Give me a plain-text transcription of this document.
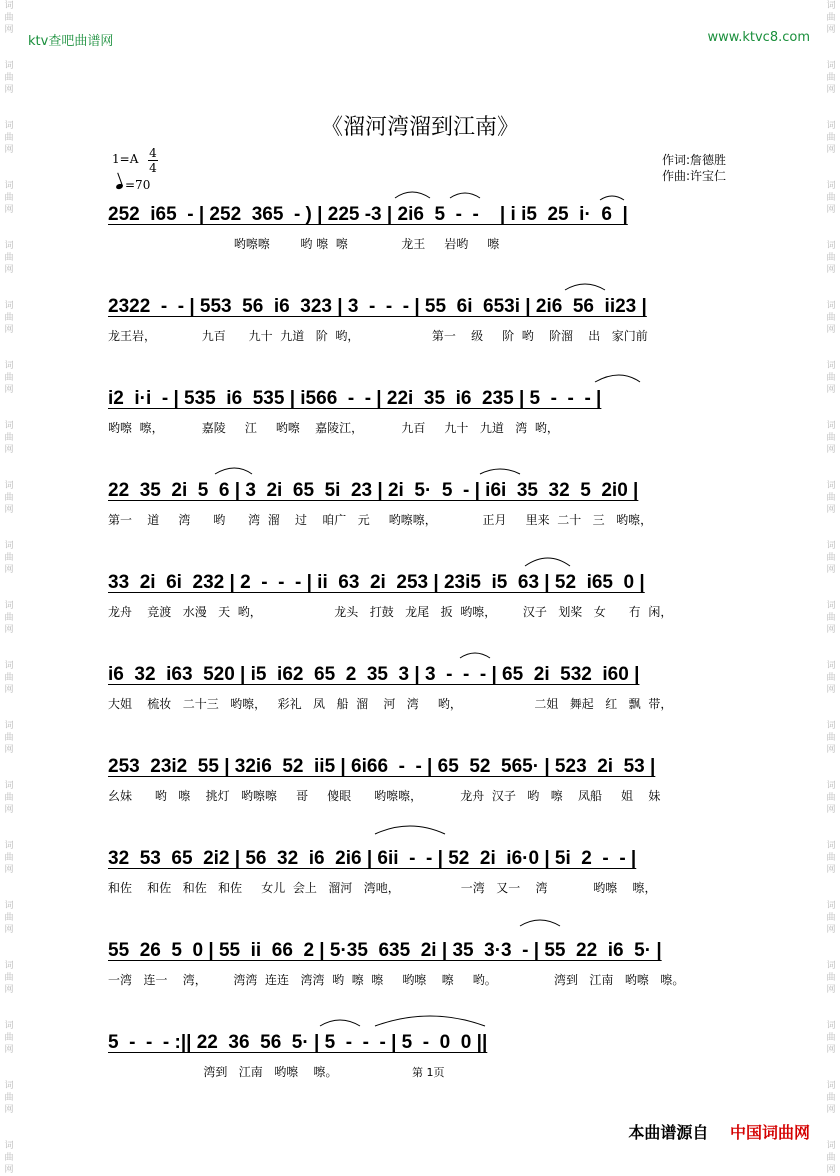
词
曲
网
词
曲
网
词
曲
网
词
曲
网
词
曲
网
词
曲
网
词
曲
网
词
曲
网
词
曲
网
词
曲
网
词
曲
网
词
曲
网
词
曲
网
词
曲
网
词
曲
网
词
曲
网
词
曲
网
词
曲
网
词
曲
网
词
曲
网
词
曲
网
词
曲
网
词
曲
网
词
曲
网
词
曲
网
词
曲
网
词
曲
网
词
曲
网
词
曲
网
词
曲
网
词
曲
网
词
曲
网
词
曲
网
词
曲
网
词
曲
网
词
曲
网
词
曲
网
词
曲
网
词
曲
网
词
曲
网
ktv查吧曲谱网	www.ktvc8.com
《溜河湾溜到江南》
1=A 4
4
=70
作词:詹德胜
作曲:许宝仁
252  i65  - | 252  365  - ) | 225 -3 | 2i6  5  -  -    | i i5  25  i·  6  |
哟嚓嚓        哟 嚓  嚓              龙王     岩哟     嚓
2322  -  - | 553  56  i6  323 | 3  -  -  - | 55  6i  653i | 2i6  56  ii23 |
龙王岩，            九百      九十  九道   阶  哟，                   第一    级     阶  哟    阶溜    出   家门前
i2  i·i  - | 535  i6  535 | i566  -  - | 22i  35  i6  235 | 5  -  -  - |
哟嚓  嚓，          嘉陵     江     哟嚓    嘉陵江，          九百     九十   九道   湾  哟，
22  35  2i  5  6 | 3  2i  65  5i  23 | 2i  5·  5  - | i6i  35  32  5  2i0 |
第一    道     湾      哟      湾  溜    过    咱广   元     哟嚓嚓，            正月     里来  二十   三   哟嚓，
33  2i  6i  232 | 2  -  -  - | ii  63  2i  253 | 23i5  i5  63 | 52  i65  0 |
龙舟    竞渡   水漫   天  哟，                   龙头   打鼓   龙尾   扳  哟嚓，       汉子   划桨   女      冇  闲，
i6  32  i63  520 | i5  i62  65  2  35  3 | 3  -  -  - | 65  2i  532  i60 |
大姐    梳妆   二十三   哟嚓，   彩礼   凤   船  溜    河   湾     哟，                   二姐   舞起   红   飘  带，
253  23i2  55 | 32i6  52  ii5 | 6i66  -  - | 65  52  565· | 523  2i  53 |
幺妹      哟   嚓    挑灯   哟嚓嚓     哥     傻眼      哟嚓嚓，          龙舟  汉子   哟   嚓    凤船     姐    妹
32  53  65  2i2 | 56  32  i6  2i6 | 6ii  -  - | 52  2i  i6·0 | 5i  2  -  - |
和佐    和佐   和佐   和佐     女儿  会上   溜河   湾吔，                一湾   又一    湾            哟嚓    嚓，
55  26  5  0 | 55  ii  66  2 | 5·35  635  2i | 35  3·3  - | 55  22  i6  5· |
一湾   连一    湾，       湾湾  连连   湾湾  哟  嚓  嚓     哟嚓    嚓     哟。               湾到   江南   哟嚓   嚓。
5  -  -  - :|| 22  36  56  5· | 5  -  -  - | 5  -  0  0 ||
湾到   江南   哟嚓    嚓。	第 1页
本曲谱源自 中国词曲网
